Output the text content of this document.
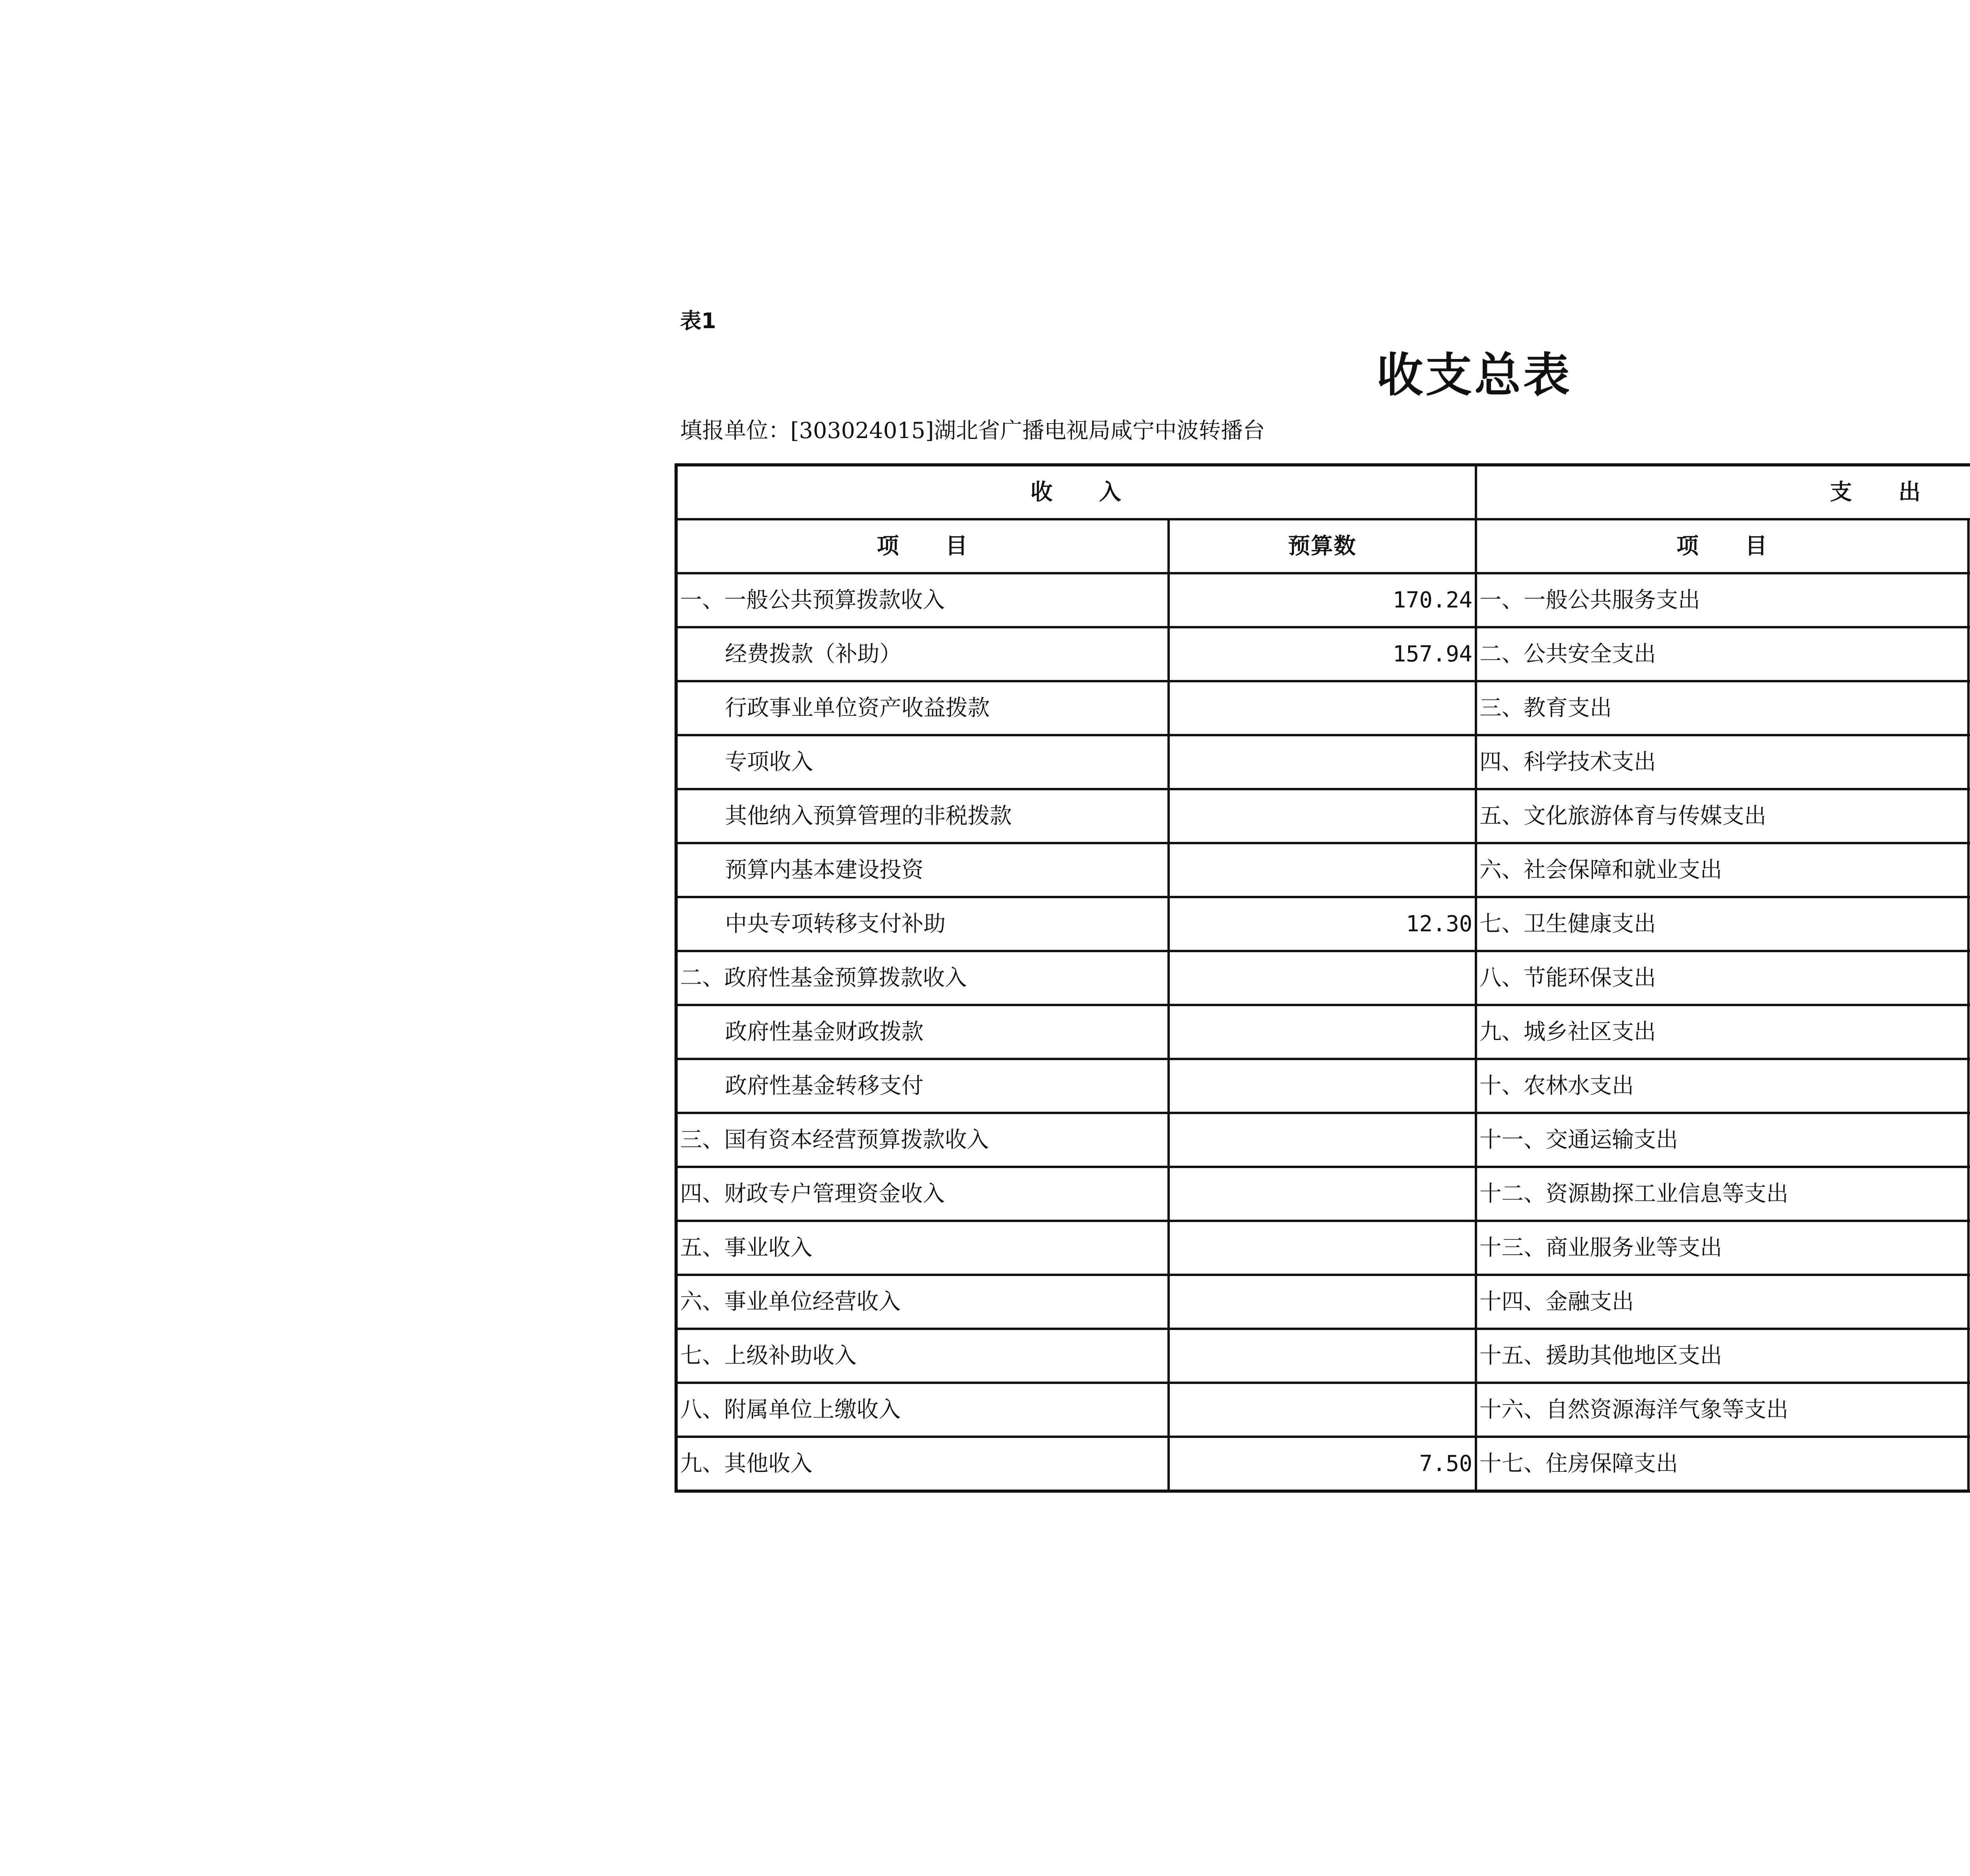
表1
收支总表
填报单位：[303024015]湖北省广播电视局咸宁中波转播台
收　　入		支　　出	
项　　目	预算数	项　　目	
一、一般公共预算拨款收入	170.24	一、一般公共服务支出	
经费拨款（补助）	157.94	二、公共安全支出	
行政事业单位资产收益拨款		三、教育支出	
专项收入		四、科学技术支出	
其他纳入预算管理的非税拨款		五、文化旅游体育与传媒支出	
预算内基本建设投资		六、社会保障和就业支出	
中央专项转移支付补助	12.30	七、卫生健康支出	
二、政府性基金预算拨款收入		八、节能环保支出	
政府性基金财政拨款		九、城乡社区支出	
政府性基金转移支付		十、农林水支出	
三、国有资本经营预算拨款收入		十一、交通运输支出	
四、财政专户管理资金收入		十二、资源勘探工业信息等支出	
五、事业收入		十三、商业服务业等支出	
六、事业单位经营收入		十四、金融支出	
七、上级补助收入		十五、援助其他地区支出	
八、附属单位上缴收入		十六、自然资源海洋气象等支出	
九、其他收入	7.50	十七、住房保障支出	
